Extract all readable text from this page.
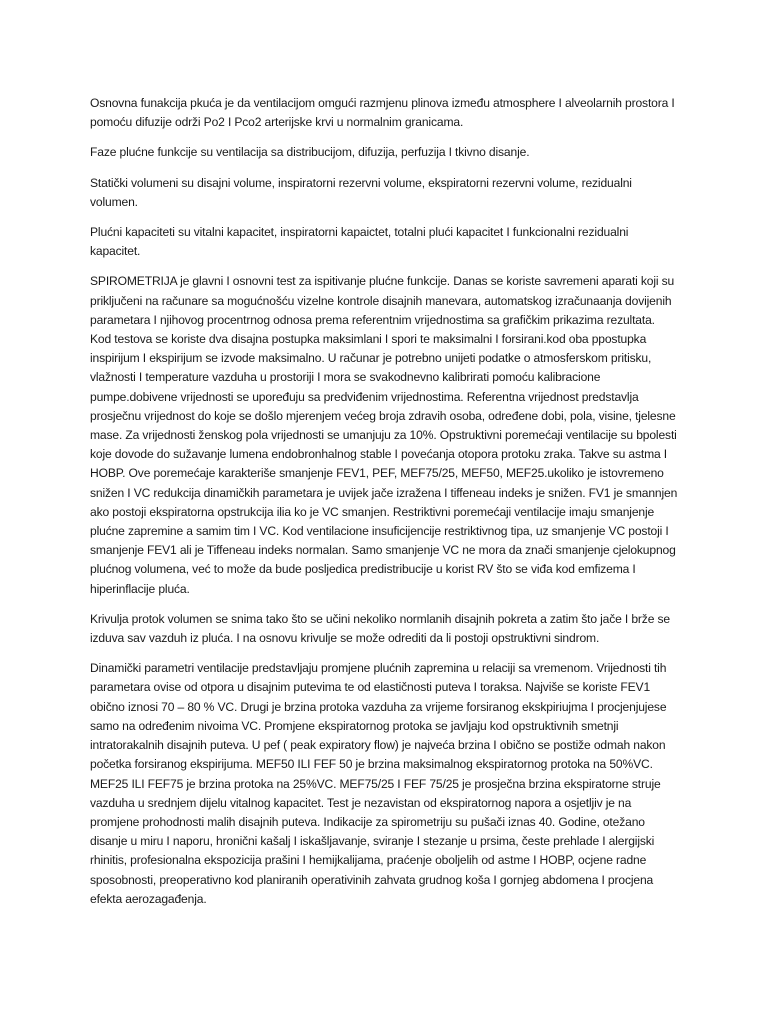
Osnovna funakcija pkuća je da ventilacijom omgući razmjenu plinova između atmosphere I alveolarnih prostora I pomoću difuzije održi Po2 I Pco2 arterijske krvi u normalnim granicama.

Faze plućne funkcije su ventilacija sa distribucijom, difuzija, perfuzija I tkivno disanje.

Statički volumeni su disajni volume, inspiratorni rezervni volume, ekspiratorni rezervni volume, rezidualni volumen.

Plućni kapaciteti su vitalni kapacitet, inspiratorni kapaictet, totalni plući kapacitet I funkcionalni rezidualni kapacitet.

SPIROMETRIJA je glavni I osnovni test za ispitivanje plućne funkcije. Danas se koriste savremeni aparati koji su priključeni na računare sa mogućnošću vizelne kontrole disajnih manevara, automatskog izračunaanja dovijenih parametara I njihovog procentrnog odnosa prema referentnim vrijednostima sa grafičkim prikazima rezultata. Kod testova se koriste dva disajna postupka maksimlani I spori te maksimalni I forsirani.kod oba ppostupka inspirijum I ekspirijum se izvode maksimalno. U računar je potrebno unijeti podatke o atmosferskom pritisku, vlažnosti I temperature vazduha u prostoriji I mora se svakodnevno kalibrirati pomoću kalibracione pumpe.dobivene vrijednosti se upoređuju sa predviđenim vrijednostima. Referentna vrijednost predstavlja prosječnu vrijednost do koje se došlo mjerenjem većeg broja zdravih osoba, određene dobi, pola, visine, tjelesne mase. Za vrijednosti ženskog pola vrijednosti se umanjuju za 10%. Opstruktivni poremećaji ventilacije su bpolesti koje dovode do sužavanje lumena endobronhalnog stable I povećanja otopora protoku zraka. Takve su astma I HOBP. Ove poremećaje karakteriše smanjenje FEV1, PEF, MEF75/25, MEF50, MEF25.ukoliko je istovremeno snižen I VC redukcija dinamičkih parametara je uvijek jače izražena I tiffeneau indeks je snižen. FV1 je smannjen ako postoji ekspiratorna opstrukcija ilia ko je VC smanjen. Restriktivni poremećaji ventilacije imaju smanjenje plućne zapremine a samim tim I VC. Kod ventilacione insuficijencije restriktivnog tipa, uz smanjenje VC postoji I smanjenje FEV1 ali je Tiffeneau indeks normalan. Samo smanjenje VC ne mora da znači smanjenje cjelokupnog plućnog volumena, već to može da bude posljedica predistribucije u korist RV što se viđa kod emfizema I hiperinflacije pluća.

Krivulja protok volumen se snima tako što se učini nekoliko normlanih disajnih pokreta a zatim što jače I brže se izduva sav vazduh iz pluća. I na osnovu krivulje se može odrediti da li postoji opstruktivni sindrom.

Dinamički parametri ventilacije predstavljaju promjene plućnih zapremina u relaciji sa vremenom. Vrijednosti tih parametara ovise od otpora u disajnim putevima te od elastičnosti puteva I toraksa. Najviše se koriste FEV1 obično iznosi 70 – 80 % VC. Drugi je brzina protoka vazduha za vrijeme forsiranog ekskpiriujma I procjenjujese samo na određenim nivoima VC. Promjene ekspiratornog protoka se javljaju kod opstruktivnih smetnji intratorakalnih disajnih puteva. U pef ( peak expiratory flow) je najveća brzina I obično se postiže odmah nakon početka forsiranog ekspirijuma. MEF50 ILI FEF 50 je brzina maksimalnog ekspiratornog protoka na 50%VC. MEF25 ILI FEF75 je brzina protoka na 25%VC. MEF75/25 I FEF 75/25 je prosječna brzina ekspiratorne struje vazduha u srednjem dijelu vitalnog kapacitet. Test je nezavistan od ekspiratornog napora a osjetljiv je na promjene prohodnosti malih disajnih puteva. Indikacije za spirometriju su pušači iznas 40. Godine, otežano disanje u miru I naporu, hronični kašalj I iskašljavanje, sviranje I stezanje u prsima, česte prehlade I alergijski rhinitis, profesionalna ekspozicija prašini I hemijkalijama, praćenje oboljelih od astme I HOBP, ocjene radne sposobnosti, preoperativno kod planiranih operativinih zahvata grudnog koša I gornjeg abdomena I procjena efekta aerozagađenja.
